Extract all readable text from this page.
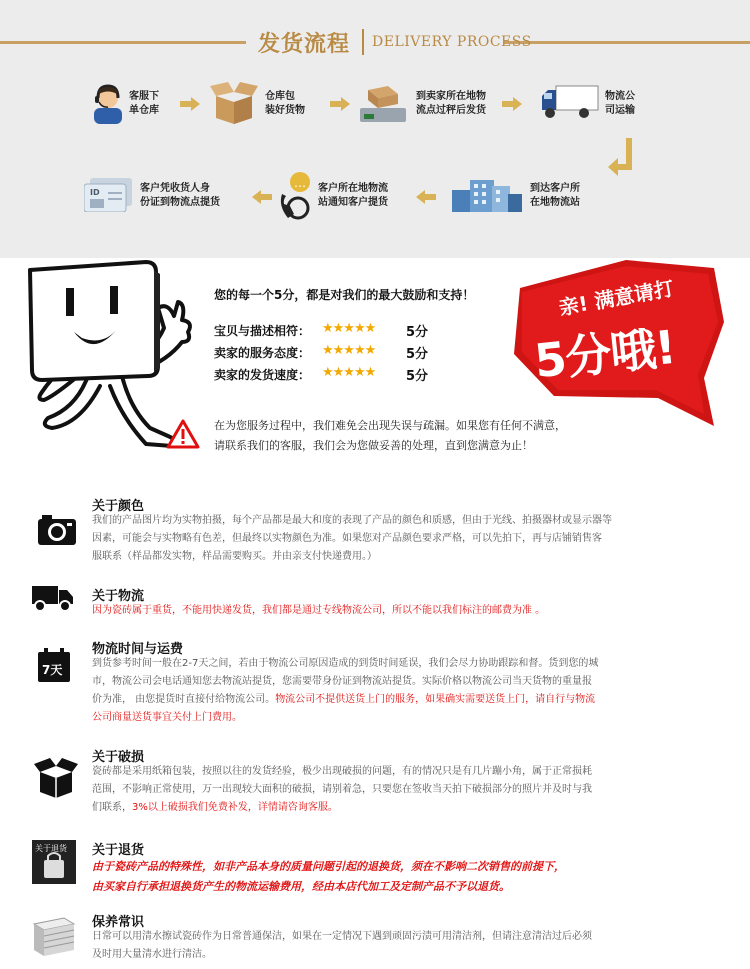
发货流程 DELIVERY PROCESS
客服下
单仓库
仓库包
装好货物
到卖家所在地物
流点过秤后发货
物流公
司运输
到达客户所
在地物流站
… 客户所在地物流
站通知客户提货
ID	客户凭收货人身
份证到物流点提货
您的每一个5分，都是对我们的最大鼓励和支持！
宝贝与描述相符： ★★★★★ 5分
卖家的服务态度： ★★★★★ 5分
卖家的发货速度： ★★★★★ 5分
亲! 满意请打
5分哦!
在为您服务过程中，我们难免会出现失误与疏漏。如果您有任何不满意，
请联系我们的客服，我们会为您做妥善的处理，直到您满意为止！
关于颜色
我们的产品图片均为实物拍摄，每个产品都是最大和度的表现了产品的颜色和质感，但由于光线、拍摄器材或显示器等
因素，可能会与实物略有色差，但最终以实物颜色为准。如果您对产品颜色要求严格，可以先拍下，再与店铺销售客
服联系（样品都发实物，样品需要购买。并由亲支付快递费用。）
关于物流
因为瓷砖属于重货，不能用快递发货，我们都是通过专线物流公司，所以不能以我们标注的邮费为准 。
7天
物流时间与运费
到货参考时间一般在2-7天之间，若由于物流公司原因造成的到货时间延误，我们会尽力协助跟踪和督。货到您的城
市，物流公司会电话通知您去物流站提货，您需要带身份证到物流站提货。实际价格以物流公司当天货物的重量报
价为准， 由您提货时直接付给物流公司。物流公司不提供送货上门的服务，如果确实需要送货上门，请自行与物流
公司商量送货事宜关付上门费用。
关于破损
瓷砖都是采用纸箱包装，按照以往的发货经验，极少出现破损的问题，有的情况只是有几片蹦小角，属于正常损耗
范围，不影响正常使用，万一出现较大面积的破损，请别着急，只要您在签收当天拍下破损部分的照片并及时与我
们联系，3%以上破损我们免费补发，详情请咨询客服。
关于退货 关于退货
由于瓷砖产品的特殊性，如非产品本身的质量问题引起的退换货，须在不影响二次销售的前提下，
由买家自行承担退换货产生的物流运输费用，经由本店代加工及定制产品不予以退货。
保养常识
日常可以用清水擦试瓷砖作为日常普通保洁，如果在一定情况下遇到顽固污渍可用清洁剂，但请注意清洁过后必须
及时用大量清水进行清洁。
